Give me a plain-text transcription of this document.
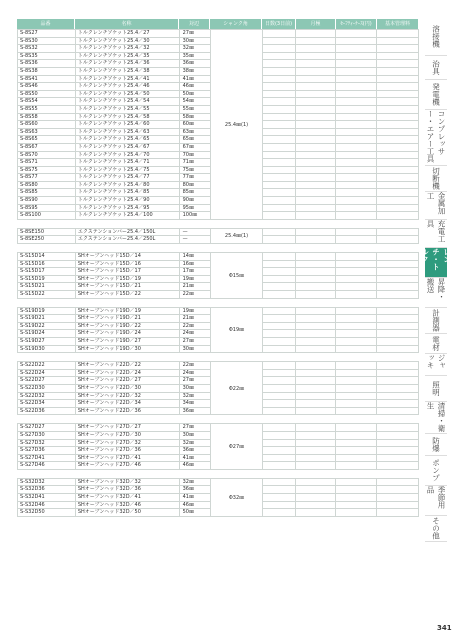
品番	名称	対辺	シャンク角	日数(3日前)	月極	ｾｰﾌﾃｨｰｹｰｽ(円)	基本管理料
S-8S27	トルクレンチソケット25.4／27	27㎜
S-8S30	トルクレンチソケット25.4／30	30㎜
S-8S32	トルクレンチソケット25.4／32	32㎜
S-8S35	トルクレンチソケット25.4／35	35㎜
S-8S36	トルクレンチソケット25.4／36	36㎜
S-8S38	トルクレンチソケット25.4／38	38㎜
S-8S41	トルクレンチソケット25.4／41	41㎜
S-8S46	トルクレンチソケット25.4／46	46㎜
S-8S50	トルクレンチソケット25.4／50	50㎜
S-8S54	トルクレンチソケット25.4／54	54㎜
S-8S55	トルクレンチソケット25.4／55	55㎜
S-8S58	トルクレンチソケット25.4／58	58㎜
S-8S60	トルクレンチソケット25.4／60	60㎜
S-8S63	トルクレンチソケット25.4／63	63㎜
S-8S65	トルクレンチソケット25.4／65	65㎜
S-8S67	トルクレンチソケット25.4／67	67㎜
S-8S70	トルクレンチソケット25.4／70	70㎜
S-8S71	トルクレンチソケット25.4／71	71㎜
S-8S75	トルクレンチソケット25.4／75	75㎜
S-8S77	トルクレンチソケット25.4／77	77㎜
S-8S80	トルクレンチソケット25.4／80	80㎜
S-8S85	トルクレンチソケット25.4／85	85㎜
S-8S90	トルクレンチソケット25.4／90	90㎜
S-8S95	トルクレンチソケット25.4／95	95㎜
S-8S100	トルクレンチソケット25.4／100	100㎜
25.4㎜(1)
S-8SE150	エクステンションバー25.4／150L	—
S-8SE250	エクステンションバー25.4／250L	—	25.4㎜(1)
S-S15D14	SHオープンヘッド15D／14	14㎜
S-S15D16	SHオープンヘッド15D／16	16㎜
S-S15D17	SHオープンヘッド15D／17	17㎜
S-S15D19	SHオープンヘッド15D／19	19㎜
S-S15D21	SHオープンヘッド15D／21	21㎜
S-S15D22	SHオープンヘッド15D／22	22㎜
Φ15㎜
S-S19D19	SHオープンヘッド19D／19	19㎜
S-S19D21	SHオープンヘッド19D／21	21㎜
S-S19D22	SHオープンヘッド19D／22	22㎜
S-S19D24	SHオープンヘッド19D／24	24㎜
S-S19D27	SHオープンヘッド19D／27	27㎜
S-S19D30	SHオープンヘッド19D／30	30㎜
Φ19㎜
S-S22D22	SHオープンヘッド22D／22	22㎜
S-S22D24	SHオープンヘッド22D／24	24㎜
S-S22D27	SHオープンヘッド22D／27	27㎜
S-S22D30	SHオープンヘッド22D／30	30㎜
S-S22D32	SHオープンヘッド22D／32	32㎜
S-S22D34	SHオープンヘッド22D／34	34㎜
S-S22D36	SHオープンヘッド22D／36	36㎜
Φ22㎜
S-S27D27	SHオープンヘッド27D／27	27㎜
S-S27D30	SHオープンヘッド27D／30	30㎜
S-S27D32	SHオープンヘッド27D／32	32㎜
S-S27D36	SHオープンヘッド27D／36	36㎜
S-S27D41	SHオープンヘッド27D／41	41㎜
S-S27D46	SHオープンヘッド27D／46	46㎜
Φ27㎜
S-S32D32	SHオープンヘッド32D／32	32㎜
S-S32D36	SHオープンヘッド32D／36	36㎜
S-S32D41	SHオープンヘッド32D／41	41㎜
S-S32D46	SHオープンヘッド32D／46	46㎜
S-S32D50	SHオープンヘッド32D／50	50㎜
Φ32㎜
溶接機
治具
発電機
コンプレッサー・エアー工具
切断機
金属加工
充電工具
レンチ・トルク
昇降・搬送
計測器
電材
ジャッキ
照明
清掃・衛生
防爆
ポンプ
季節用品
その他
341
